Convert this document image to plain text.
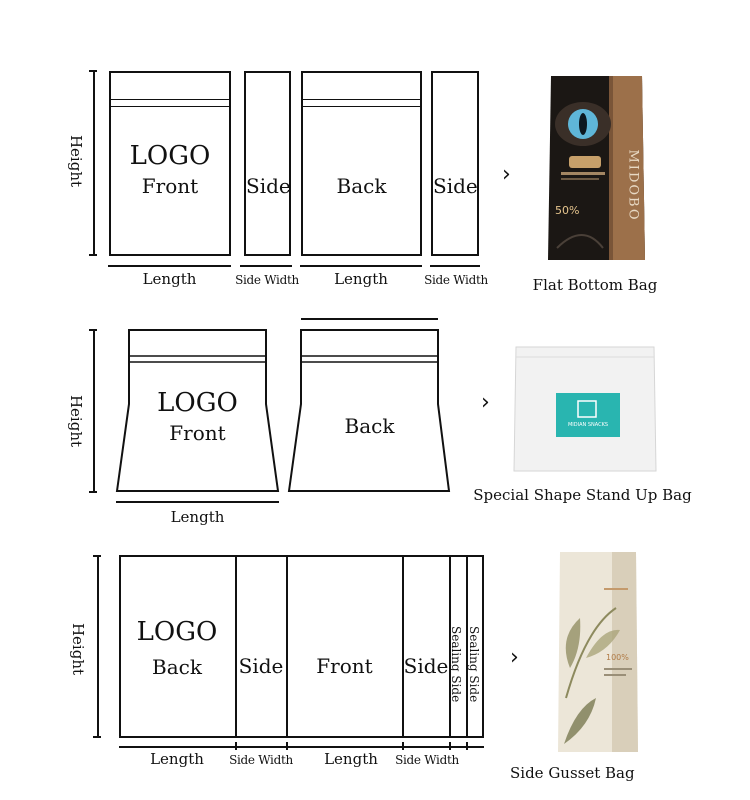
Height	LOGO
Front	Side	Back	Side
Length	Side Width	Length	Side Width
›
50%	MIDOBO
Flat Bottom Bag
Height	LOGO
Front	Back
Length
›
MIDIAN SNACKS
Special Shape Stand Up Bag
Height	LOGO
Back	Side	Front	Side Sealing Side Sealing Side
Length	Side Width	Length	Side Width
›	100%
Side Gusset Bag
